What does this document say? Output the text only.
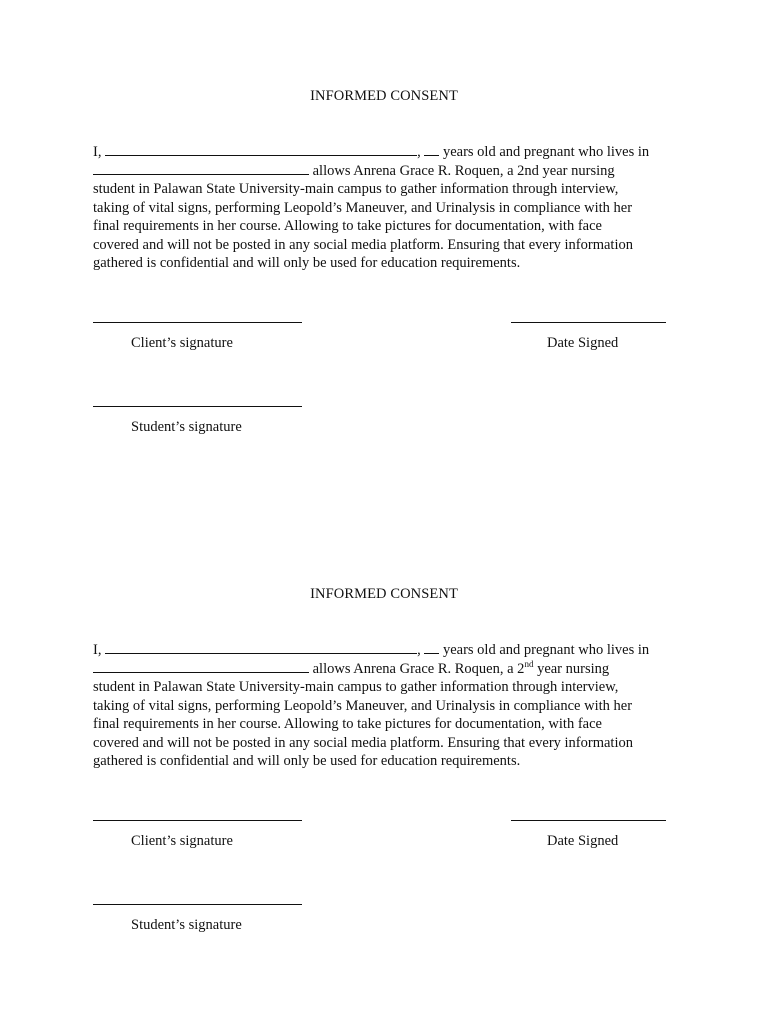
INFORMED CONSENT
I,	, years old and pregnant who lives in
allows Anrena Grace R. Roquen, a 2nd year nursing
student in Palawan State University-main campus to gather information through interview,
taking of vital signs, performing Leopold’s Maneuver, and Urinalysis in compliance with her
final requirements in her course. Allowing to take pictures for documentation, with face
covered and will not be posted in any social media platform. Ensuring that every information
gathered is confidential and will only be used for education requirements.
Client’s signature	Date Signed
Student’s signature
INFORMED CONSENT
I,	, years old and pregnant who lives in
allows Anrena Grace R. Roquen, a 2nd year nursing
student in Palawan State University-main campus to gather information through interview,
taking of vital signs, performing Leopold’s Maneuver, and Urinalysis in compliance with her
final requirements in her course. Allowing to take pictures for documentation, with face
covered and will not be posted in any social media platform. Ensuring that every information
gathered is confidential and will only be used for education requirements.
Client’s signature	Date Signed
Student’s signature
